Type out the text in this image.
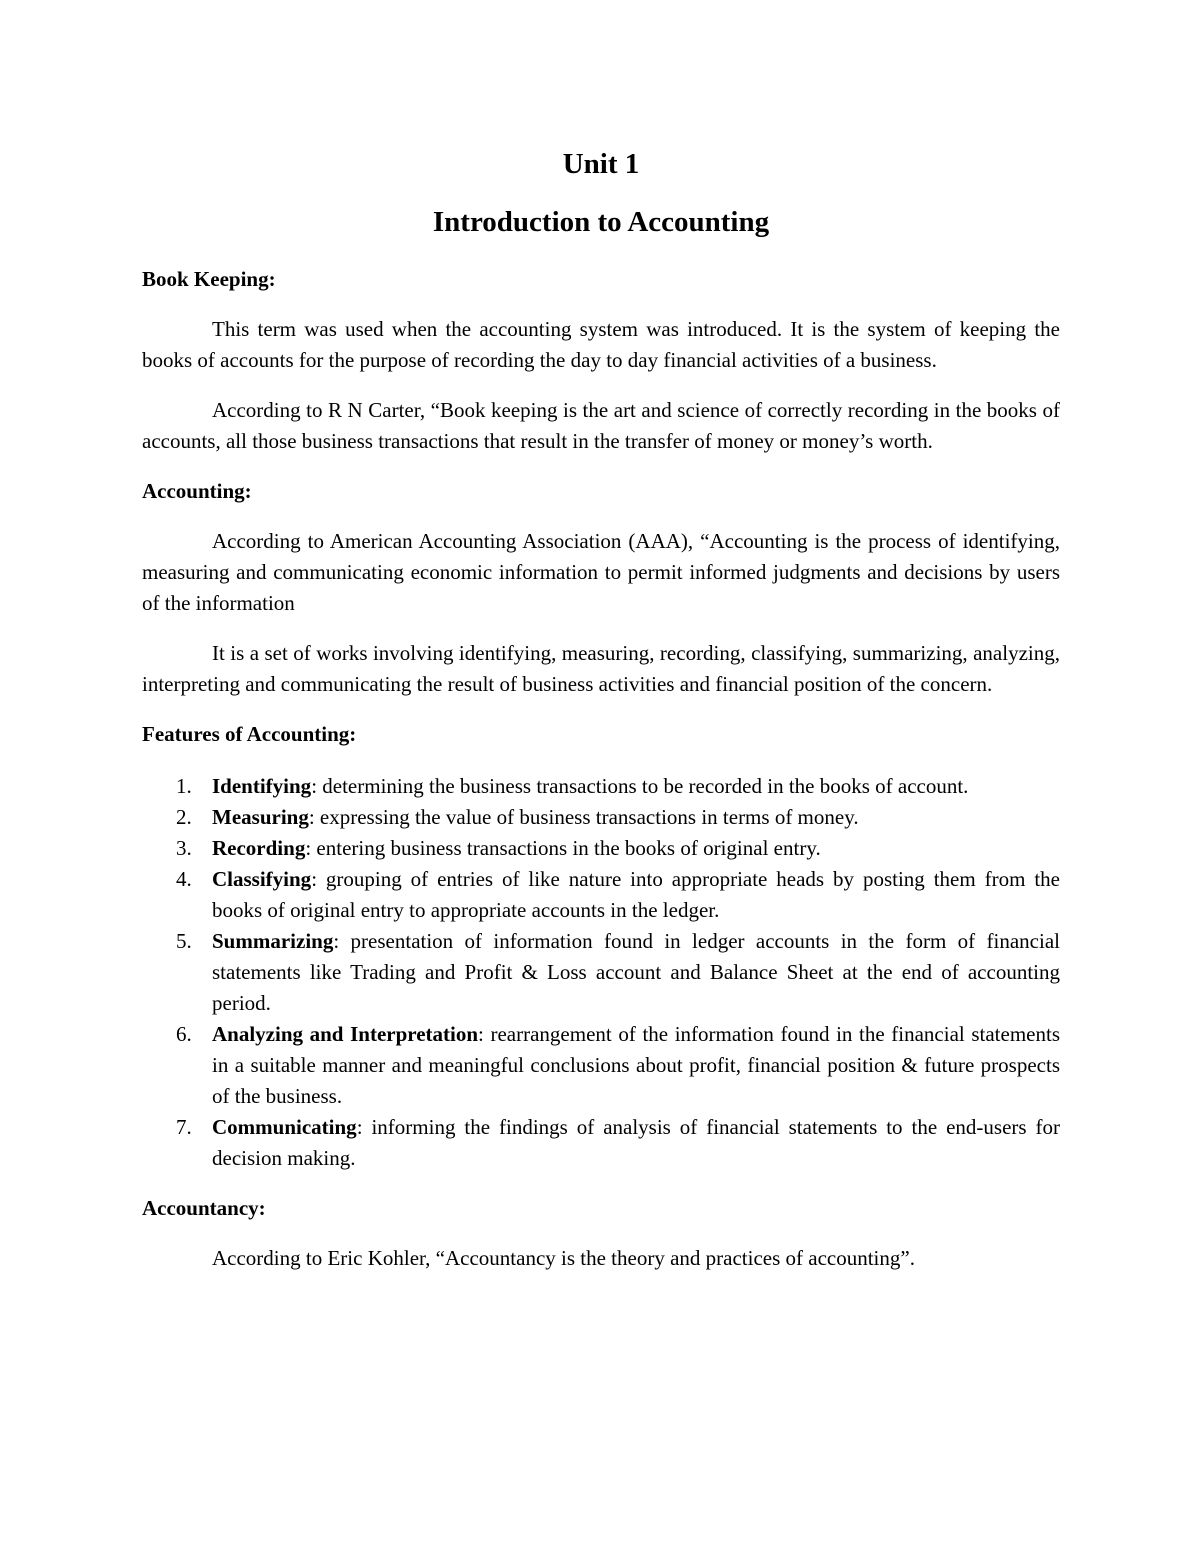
Unit 1
Introduction to Accounting

Book Keeping:

This term was used when the accounting system was introduced. It is the system of keeping the books of accounts for the purpose of recording the day to day financial activities of a business.

According to R N Carter, “Book keeping is the art and science of correctly recording in the books of accounts, all those business transactions that result in the transfer of money or money’s worth.

Accounting:

According to American Accounting Association (AAA), “Accounting is the process of identifying, measuring and communicating economic information to permit informed judgments and decisions by users of the information

It is a set of works involving identifying, measuring, recording, classifying, summarizing, analyzing, interpreting and communicating the result of business activities and financial position of the concern.

Features of Accounting:

1. Identifying: determining the business transactions to be recorded in the books of account.
2. Measuring: expressing the value of business transactions in terms of money.
3. Recording: entering business transactions in the books of original entry.
4. Classifying: grouping of entries of like nature into appropriate heads by posting them from the books of original entry to appropriate accounts in the ledger.
5. Summarizing: presentation of information found in ledger accounts in the form of financial statements like Trading and Profit & Loss account and Balance Sheet at the end of accounting period.
6. Analyzing and Interpretation: rearrangement of the information found in the financial statements in a suitable manner and meaningful conclusions about profit, financial position & future prospects of the business.
7. Communicating: informing the findings of analysis of financial statements to the end-users for decision making.

Accountancy:

According to Eric Kohler, “Accountancy is the theory and practices of accounting”.
